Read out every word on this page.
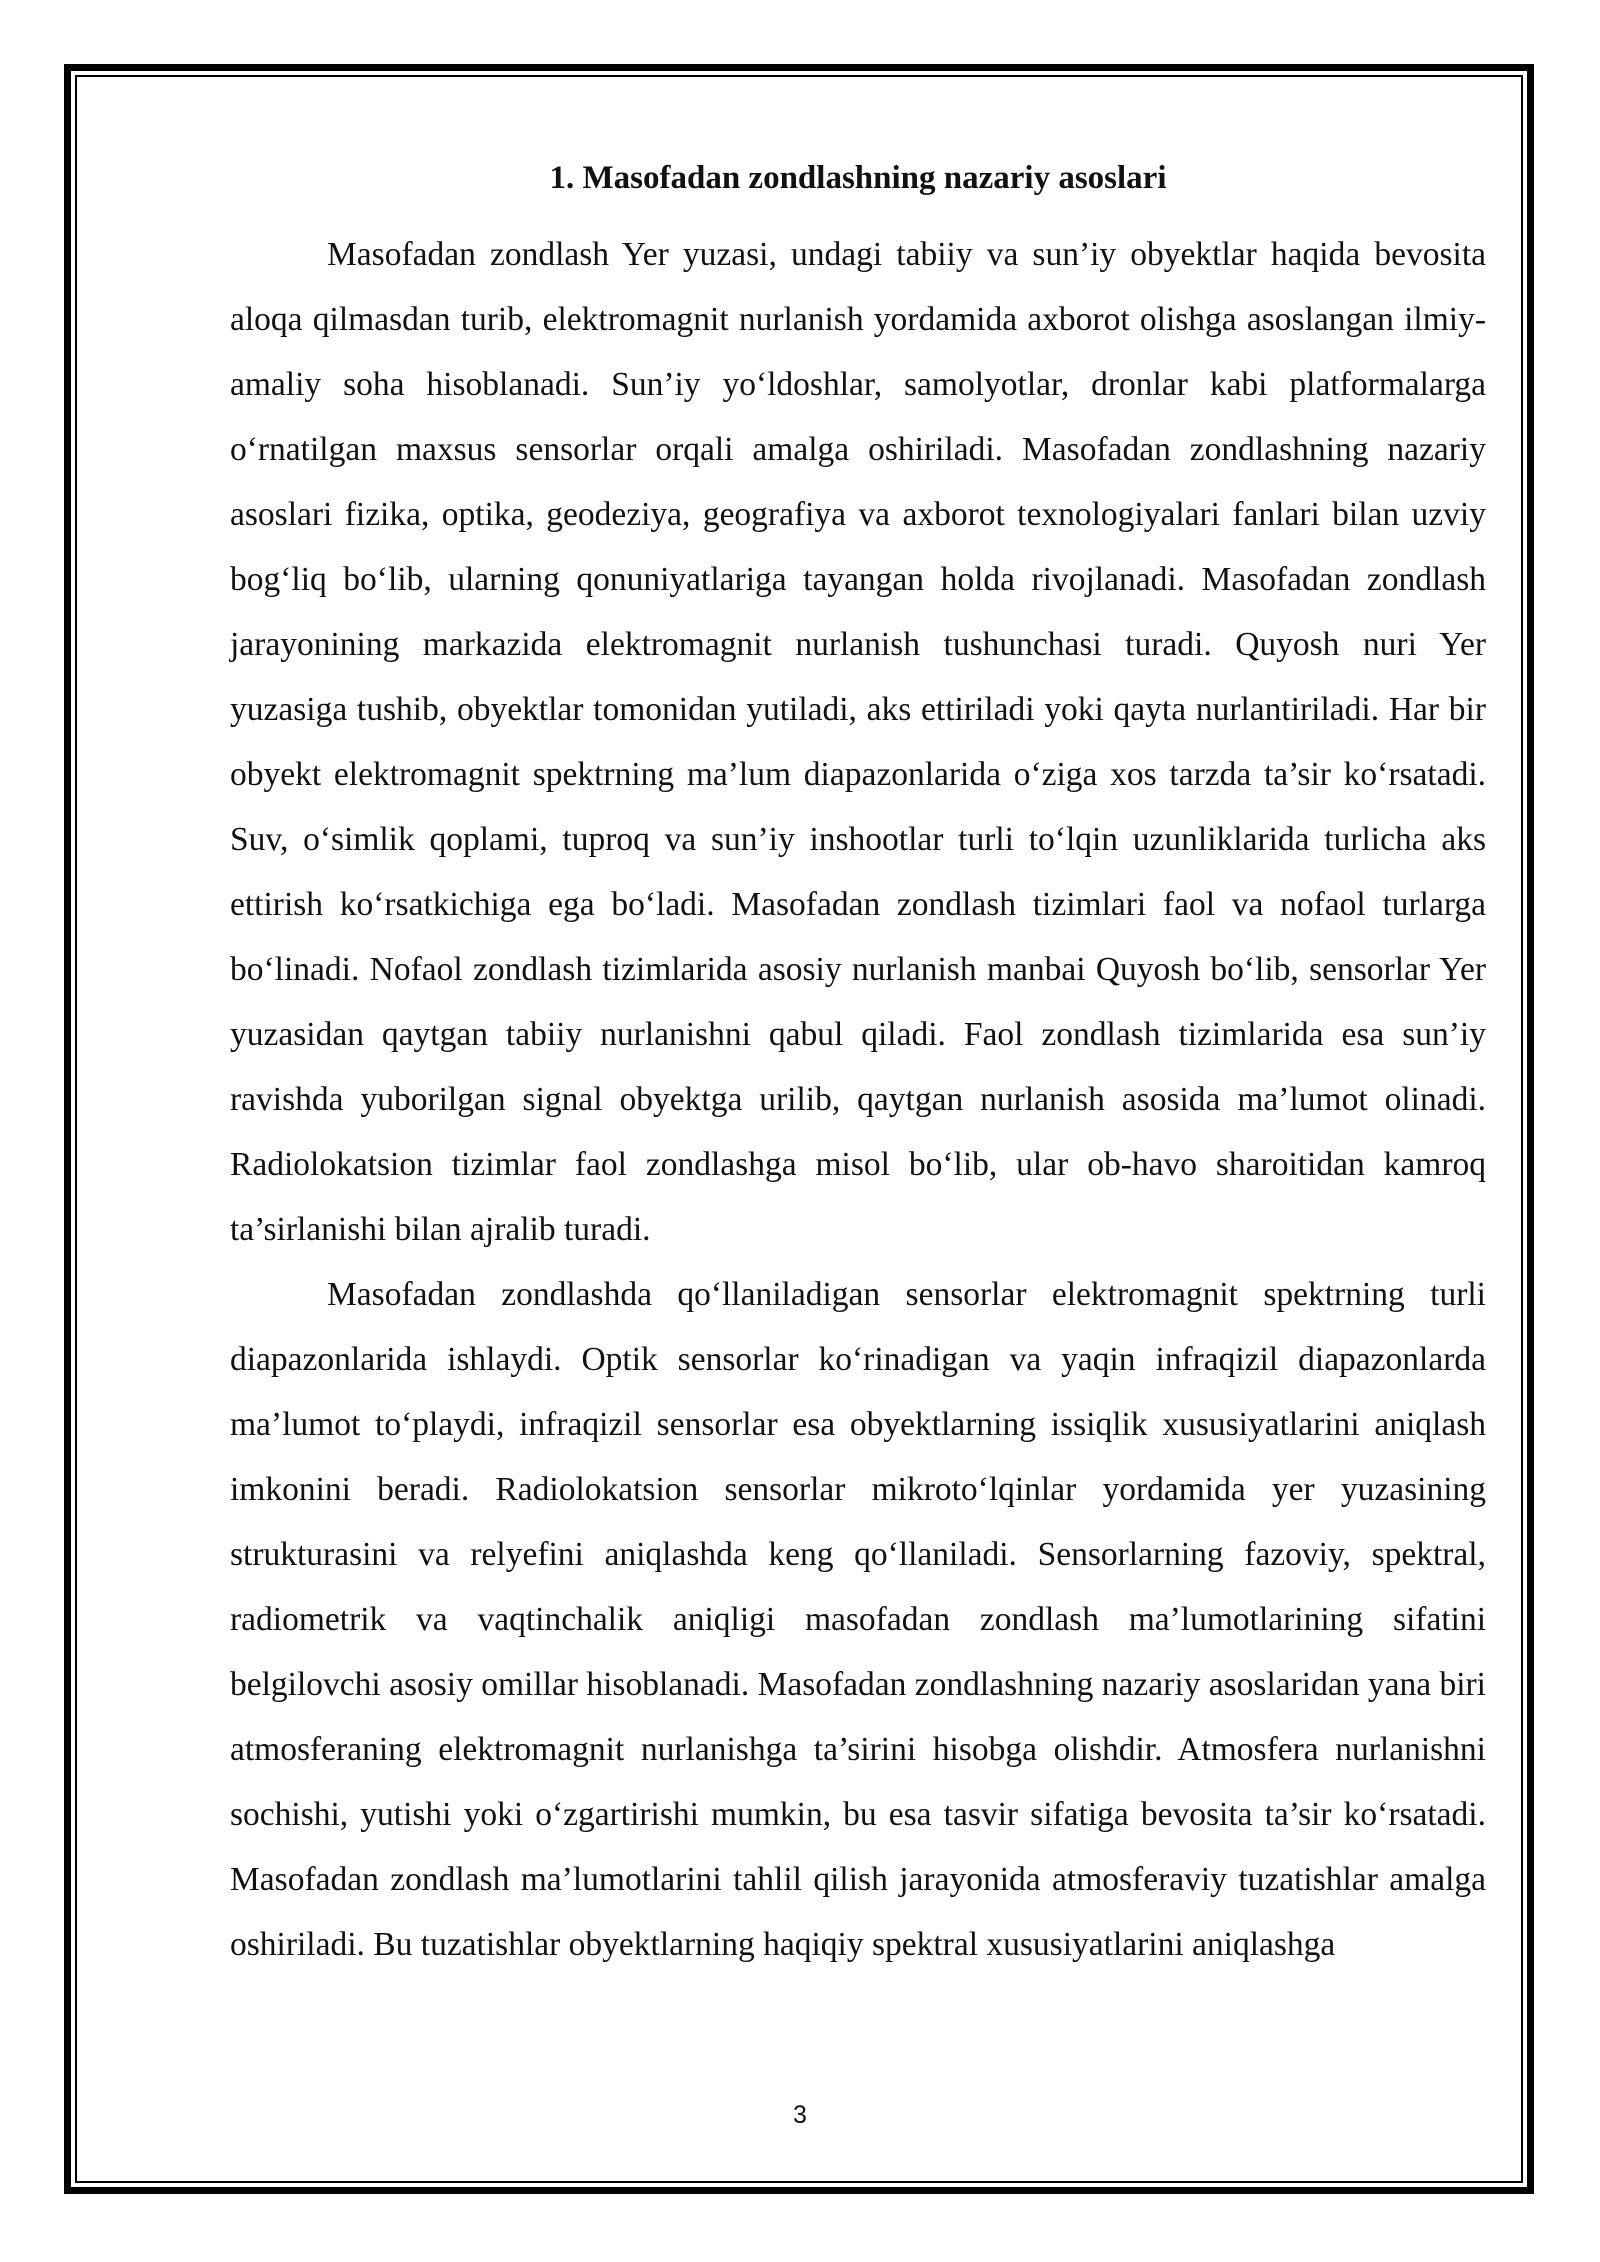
1. Masofadan zondlashning nazariy asoslari

Masofadan zondlash Yer yuzasi, undagi tabiiy va sun’iy obyektlar haqida bevosita aloqa qilmasdan turib, elektromagnit nurlanish yordamida axborot olishga asoslangan ilmiy-amaliy soha hisoblanadi. Sun’iy yo‘ldoshlar, samolyotlar, dronlar kabi platformalarga o‘rnatilgan maxsus sensorlar orqali amalga oshiriladi. Masofadan zondlashning nazariy asoslari fizika, optika, geodeziya, geografiya va axborot texnologiyalari fanlari bilan uzviy bog‘liq bo‘lib, ularning qonuniyatlariga tayangan holda rivojlanadi. Masofadan zondlash jarayonining markazida elektromagnit nurlanish tushunchasi turadi. Quyosh nuri Yer yuzasiga tushib, obyektlar tomonidan yutiladi, aks ettiriladi yoki qayta nurlantiriladi. Har bir obyekt elektromagnit spektrning ma’lum diapazonlarida o‘ziga xos tarzda ta’sir ko‘rsatadi. Suv, o‘simlik qoplami, tuproq va sun’iy inshootlar turli to‘lqin uzunliklarida turlicha aks ettirish ko‘rsatkichiga ega bo‘ladi. Masofadan zondlash tizimlari faol va nofaol turlarga bo‘linadi. Nofaol zondlash tizimlarida asosiy nurlanish manbai Quyosh bo‘lib, sensorlar Yer yuzasidan qaytgan tabiiy nurlanishni qabul qiladi. Faol zondlash tizimlarida esa sun’iy ravishda yuborilgan signal obyektga urilib, qaytgan nurlanish asosida ma’lumot olinadi. Radiolokatsion tizimlar faol zondlashga misol bo‘lib, ular ob-havo sharoitidan kamroq ta’sirlanishi bilan ajralib turadi.

Masofadan zondlashda qo‘llaniladigan sensorlar elektromagnit spektrning turli diapazonlarida ishlaydi. Optik sensorlar ko‘rinadigan va yaqin infraqizil diapazonlarda ma’lumot to‘playdi, infraqizil sensorlar esa obyektlarning issiqlik xususiyatlarini aniqlash imkonini beradi. Radiolokatsion sensorlar mikroto‘lqinlar yordamida yer yuzasining strukturasini va relyefini aniqlashda keng qo‘llaniladi. Sensorlarning fazoviy, spektral, radiometrik va vaqtinchalik aniqligi masofadan zondlash ma’lumotlarining sifatini belgilovchi asosiy omillar hisoblanadi. Masofadan zondlashning nazariy asoslaridan yana biri atmosferaning elektromagnit nurlanishga ta’sirini hisobga olishdir. Atmosfera nurlanishni sochishi, yutishi yoki o‘zgartirishi mumkin, bu esa tasvir sifatiga bevosita ta’sir ko‘rsatadi. Masofadan zondlash ma’lumotlarini tahlil qilish jarayonida atmosferaviy tuzatishlar amalga oshiriladi. Bu tuzatishlar obyektlarning haqiqiy spektral xususiyatlarini aniqlashga

3
